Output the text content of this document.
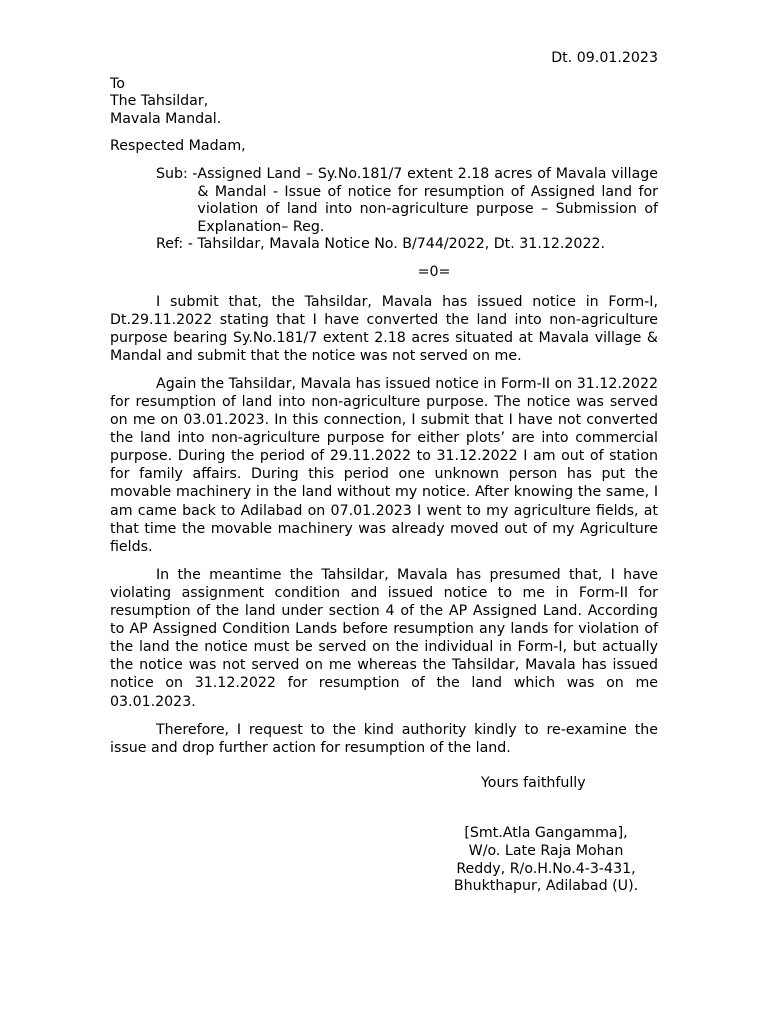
Dt. 09.01.2023

To
The Tahsildar,
Mavala Mandal.
Respected Madam,
Sub: - Assigned Land – Sy.No.181/7 extent 2.18 acres of Mavala village & Mandal - Issue of notice for resumption of Assigned land for violation of land into non-agriculture purpose – Submission of Explanation– Reg.
Ref: - Tahsildar, Mavala Notice No. B/744/2022, Dt. 31.12.2022.
=0=

I submit that, the Tahsildar, Mavala has issued notice in Form-I, Dt.29.11.2022 stating that I have converted the land into non-agriculture purpose bearing Sy.No.181/7 extent 2.18 acres situated at Mavala village & Mandal and submit that the notice was not served on me.

Again the Tahsildar, Mavala has issued notice in Form-II on 31.12.2022 for resumption of land into non-agriculture purpose. The notice was served on me on 03.01.2023. In this connection, I submit that I have not converted the land into non-agriculture purpose for either plots’ are into commercial purpose. During the period of 29.11.2022 to 31.12.2022 I am out of station for family affairs. During this period one unknown person has put the movable machinery in the land without my notice. After knowing the same, I am came back to Adilabad on 07.01.2023 I went to my agriculture fields, at that time the movable machinery was already moved out of my Agriculture fields.

In the meantime the Tahsildar, Mavala has presumed that, I have violating assignment condition and issued notice to me in Form-II for resumption of the land under section 4 of the AP Assigned Land. According to AP Assigned Condition Lands before resumption any lands for violation of the land the notice must be served on the individual in Form-I, but actually the notice was not served on me whereas the Tahsildar, Mavala has issued notice on 31.12.2022 for resumption of the land which was on me 03.01.2023.

Therefore, I request to the kind authority kindly to re-examine the issue and drop further action for resumption of the land.

Yours faithfully
[Smt.Atla Gangamma],
W/o. Late Raja Mohan
Reddy, R/o.H.No.4-3-431,
Bhukthapur, Adilabad (U).
